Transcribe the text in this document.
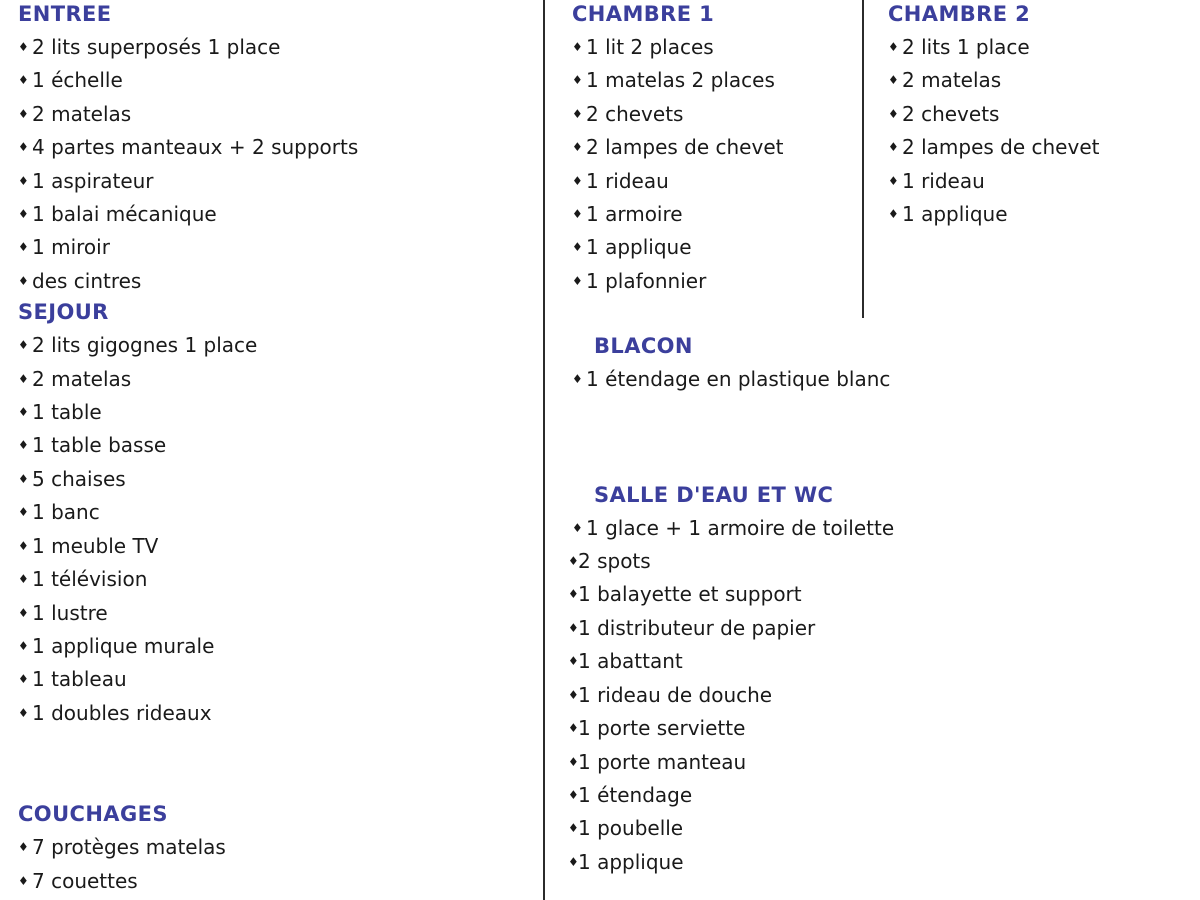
ENTREE
♦ 2 lits superposés 1 place
♦ 1 échelle
♦ 2 matelas
♦ 4 partes manteaux + 2 supports
♦ 1 aspirateur
♦ 1 balai mécanique
♦ 1 miroir
♦ des cintres
SEJOUR
♦ 2 lits gigognes 1 place
♦ 2 matelas
♦ 1 table
♦ 1 table basse
♦ 5 chaises
♦ 1 banc
♦ 1 meuble TV
♦ 1 télévision
♦ 1 lustre
♦ 1 applique murale
♦ 1 tableau
♦ 1 doubles rideaux
COUCHAGES
♦ 7 protèges matelas
♦ 7 couettes
CHAMBRE 1
♦ 1 lit 2 places
♦ 1 matelas 2 places
♦ 2 chevets
♦ 2 lampes de chevet
♦ 1 rideau
♦ 1 armoire
♦ 1 applique
♦ 1 plafonnier
BLACON
♦ 1 étendage en plastique blanc
SALLE D'EAU ET WC
♦ 1 glace + 1 armoire de toilette
♦ 2 spots
♦ 1 balayette et support
♦ 1 distributeur de papier
♦ 1 abattant
♦ 1 rideau de douche
♦ 1 porte serviette
♦ 1 porte manteau
♦ 1 étendage
♦ 1 poubelle
♦ 1 applique
CHAMBRE 2
♦ 2 lits 1 place
♦ 2 matelas
♦ 2 chevets
♦ 2 lampes de chevet
♦ 1 rideau
♦ 1 applique
